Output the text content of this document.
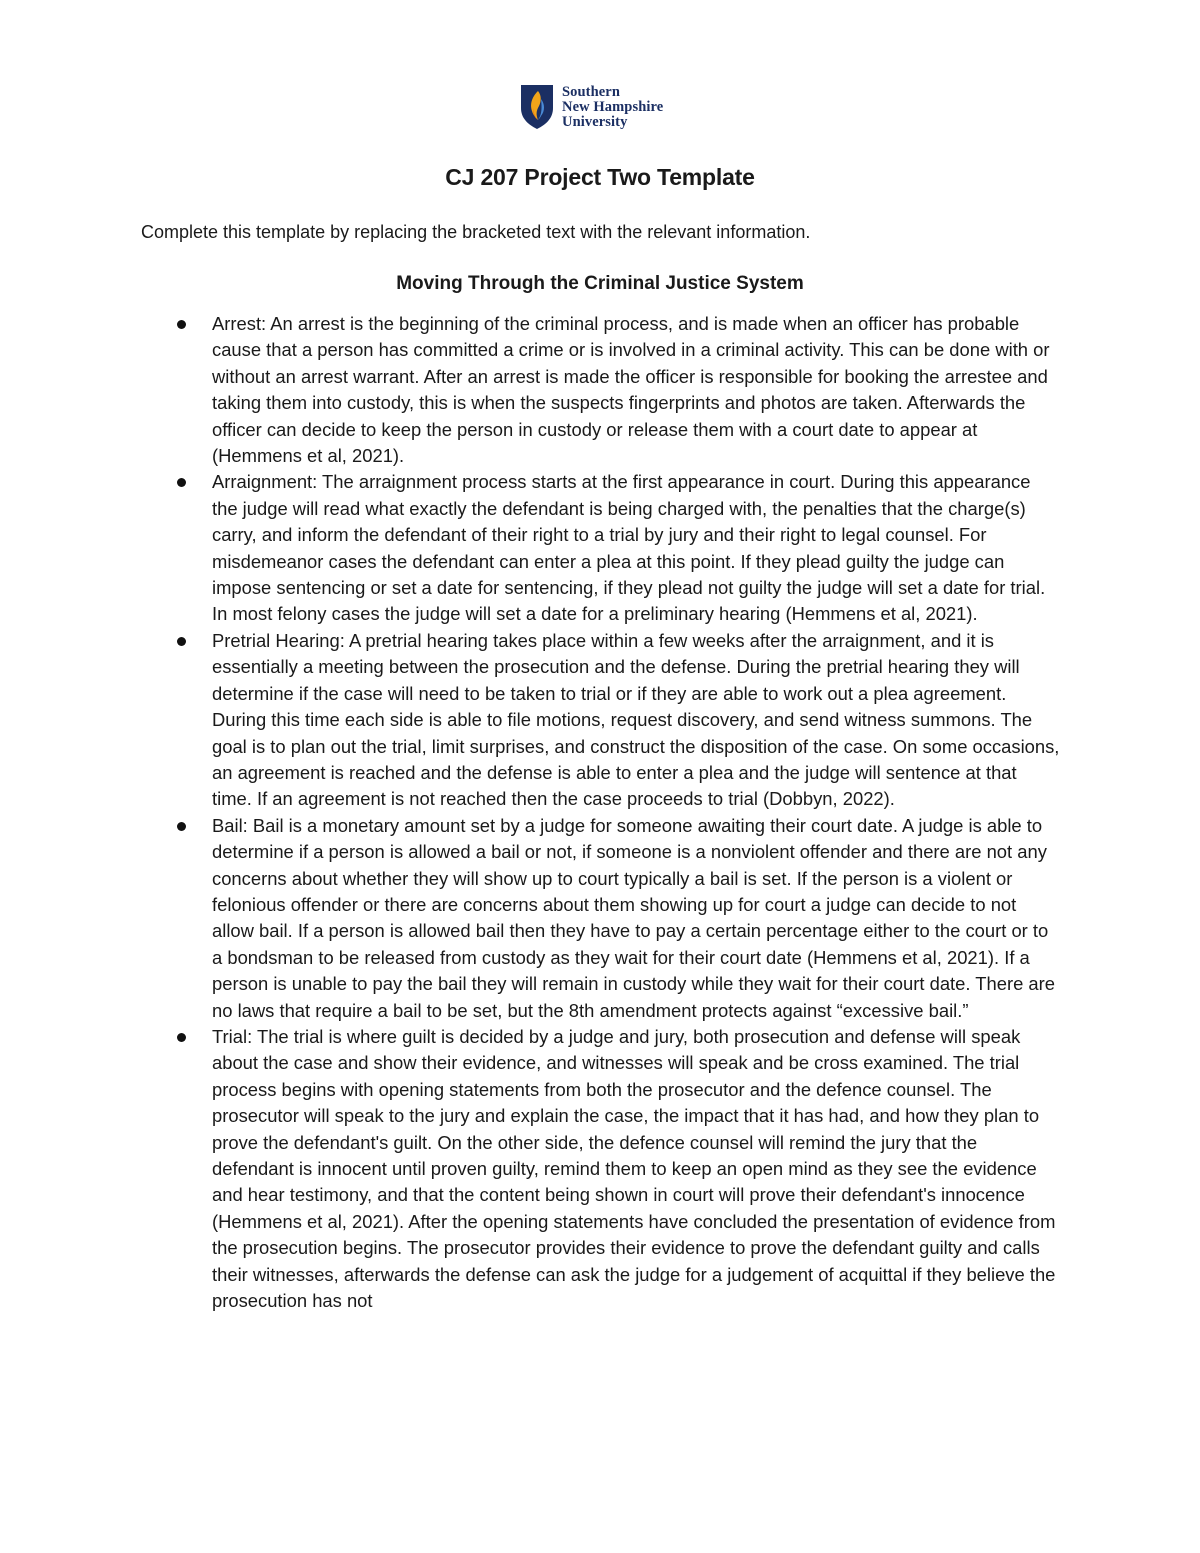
Southern
New Hampshire
University
CJ 207 Project Two Template
Complete this template by replacing the bracketed text with the relevant information.
Moving Through the Criminal Justice System
Arrest: An arrest is the beginning of the criminal process, and is made when an officer has probable cause that a person has committed a crime or is involved in a criminal activity. This can be done with or without an arrest warrant. After an arrest is made the officer is responsible for booking the arrestee and taking them into custody, this is when the suspects fingerprints and photos are taken. Afterwards the officer can decide to keep the person in custody or release them with a court date to appear at (Hemmens et al, 2021).
Arraignment: The arraignment process starts at the first appearance in court. During this appearance the judge will read what exactly the defendant is being charged with, the penalties that the charge(s) carry, and inform the defendant of their right to a trial by jury and their right to legal counsel. For misdemeanor cases the defendant can enter a plea at this point. If they plead guilty the judge can impose sentencing or set a date for sentencing, if they plead not guilty the judge will set a date for trial. In most felony cases the judge will set a date for a preliminary hearing (Hemmens et al, 2021).
Pretrial Hearing: A pretrial hearing takes place within a few weeks after the arraignment, and it is essentially a meeting between the prosecution and the defense. During the pretrial hearing they will determine if the case will need to be taken to trial or if they are able to work out a plea agreement. During this time each side is able to file motions, request discovery, and send witness summons. The goal is to plan out the trial, limit surprises, and construct the disposition of the case. On some occasions, an agreement is reached and the defense is able to enter a plea and the judge will sentence at that time. If an agreement is not reached then the case proceeds to trial (Dobbyn, 2022).
Bail: Bail is a monetary amount set by a judge for someone awaiting their court date. A judge is able to determine if a person is allowed a bail or not, if someone is a nonviolent offender and there are not any concerns about whether they will show up to court typically a bail is set. If the person is a violent or felonious offender or there are concerns about them showing up for court a judge can decide to not allow bail. If a person is allowed bail then they have to pay a certain percentage either to the court or to a bondsman to be released from custody as they wait for their court date (Hemmens et al, 2021). If a person is unable to pay the bail they will remain in custody while they wait for their court date. There are no laws that require a bail to be set, but the 8th amendment protects against “excessive bail.”
Trial: The trial is where guilt is decided by a judge and jury, both prosecution and defense will speak about the case and show their evidence, and witnesses will speak and be cross examined. The trial process begins with opening statements from both the prosecutor and the defence counsel. The prosecutor will speak to the jury and explain the case, the impact that it has had, and how they plan to prove the defendant's guilt. On the other side, the defence counsel will remind the jury that the defendant is innocent until proven guilty, remind them to keep an open mind as they see the evidence and hear testimony, and that the content being shown in court will prove their defendant's innocence (Hemmens et al, 2021). After the opening statements have concluded the presentation of evidence from the prosecution begins. The prosecutor provides their evidence to prove the defendant guilty and calls their witnesses, afterwards the defense can ask the judge for a judgement of acquittal if they believe the prosecution has not
